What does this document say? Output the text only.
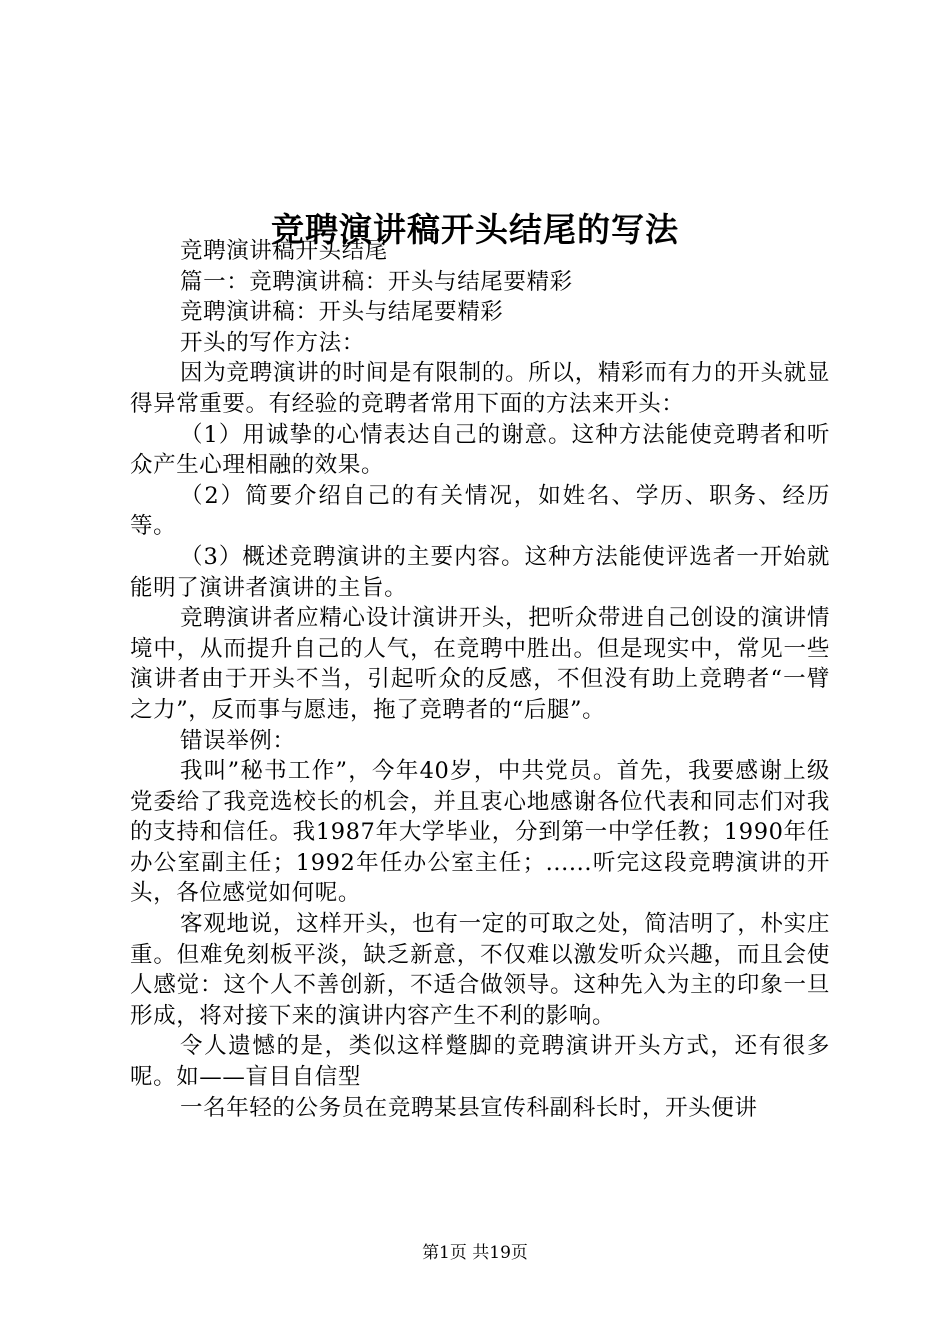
竞聘演讲稿开头结尾的写法

竞聘演讲稿开头结尾

篇一：竞聘演讲稿：开头与结尾要精彩

竞聘演讲稿：开头与结尾要精彩

开头的写作方法：

因为竞聘演讲的时间是有限制的。所以，精彩而有力的开头就显得异常重要。有经验的竞聘者常用下面的方法来开头：

（1）用诚挚的心情表达自己的谢意。这种方法能使竞聘者和听众产生心理相融的效果。

（2）简要介绍自己的有关情况，如姓名、学历、职务、经历等。

（3）概述竞聘演讲的主要内容。这种方法能使评选者一开始就能明了演讲者演讲的主旨。

竞聘演讲者应精心设计演讲开头，把听众带进自己创设的演讲情境中，从而提升自己的人气，在竞聘中胜出。但是现实中，常见一些演讲者由于开头不当，引起听众的反感，不但没有助上竞聘者“一臂之力”，反而事与愿违，拖了竞聘者的“后腿”。

错误举例：

我叫”秘书工作”，今年40岁，中共党员。首先，我要感谢上级党委给了我竞选校长的机会，并且衷心地感谢各位代表和同志们对我的支持和信任。我1987年大学毕业，分到第一中学任教；1990年任办公室副主任；1992年任办公室主任；......听完这段竞聘演讲的开头，各位感觉如何呢。

客观地说，这样开头，也有一定的可取之处，简洁明了，朴实庄重。但难免刻板平淡，缺乏新意，不仅难以激发听众兴趣，而且会使人感觉：这个人不善创新，不适合做领导。这种先入为主的印象一旦形成，将对接下来的演讲内容产生不利的影响。

令人遗憾的是，类似这样蹩脚的竞聘演讲开头方式，还有很多呢。如——盲目自信型

一名年轻的公务员在竞聘某县宣传科副科长时，开头便讲

第1页 共19页
